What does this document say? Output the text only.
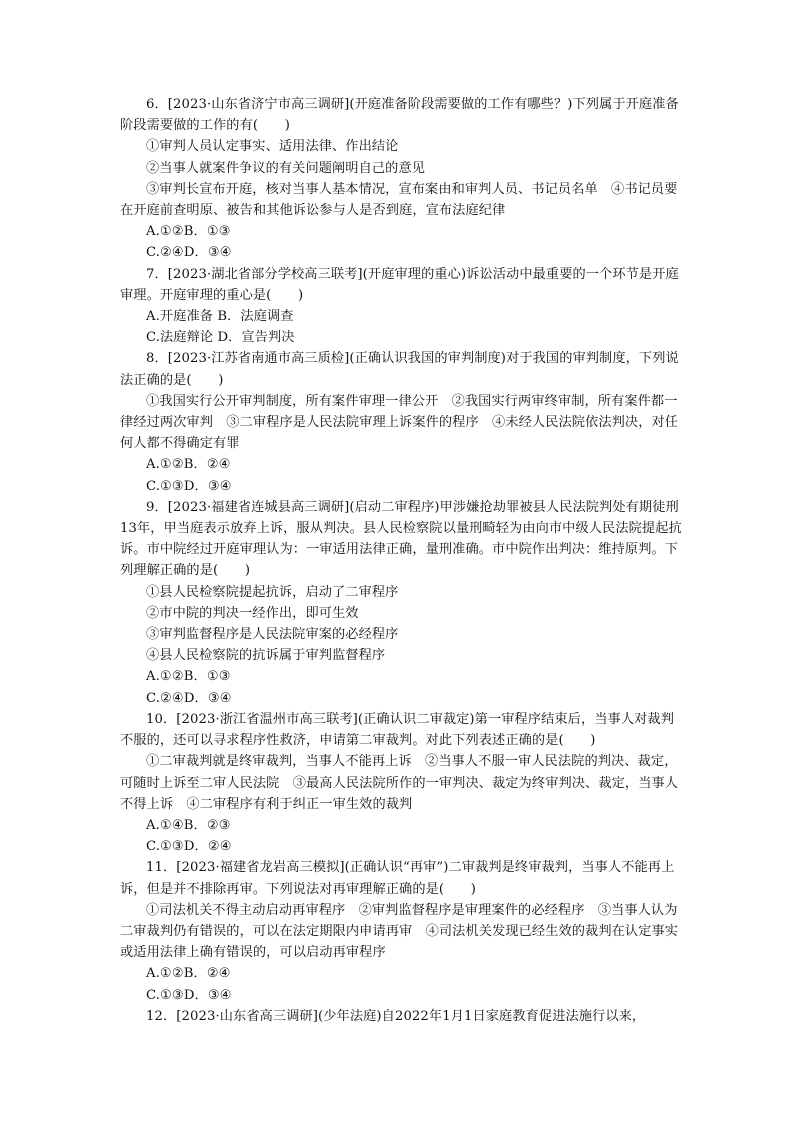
6．[2023·山东省济宁市高三调研](开庭准备阶段需要做的工作有哪些？)下列属于开庭准备阶段需要做的工作的有(　　)

①审判人员认定事实、适用法律、作出结论

②当事人就案件争议的有关问题阐明自己的意见

③审判长宣布开庭，核对当事人基本情况，宣布案由和审判人员、书记员名单　④书记员要在开庭前查明原、被告和其他诉讼参与人是否到庭，宣布法庭纪律

A.①②B．①③

C.②④D．③④

7．[2023·湖北省部分学校高三联考](开庭审理的重心)诉讼活动中最重要的一个环节是开庭审理。开庭审理的重心是(　　)

A.开庭准备 B．法庭调查

C.法庭辩论 D．宣告判决

8．[2023·江苏省南通市高三质检](正确认识我国的审判制度)对于我国的审判制度，下列说法正确的是(　　)

①我国实行公开审判制度，所有案件审理一律公开　②我国实行两审终审制，所有案件都一律经过两次审判　③二审程序是人民法院审理上诉案件的程序　④未经人民法院依法判决，对任何人都不得确定有罪

A.①②B．②④

C.①③D．③④

9．[2023·福建省连城县高三调研](启动二审程序)甲涉嫌抢劫罪被县人民法院判处有期徒刑13年，甲当庭表示放弃上诉，服从判决。县人民检察院以量刑畸轻为由向市中级人民法院提起抗诉。市中院经过开庭审理认为：一审适用法律正确，量刑准确。市中院作出判决：维持原判。下列理解正确的是(　　)

①县人民检察院提起抗诉，启动了二审程序

②市中院的判决一经作出，即可生效

③审判监督程序是人民法院审案的必经程序

④县人民检察院的抗诉属于审判监督程序

A.①②B．①③

C.②④D．③④

10．[2023·浙江省温州市高三联考](正确认识二审裁定)第一审程序结束后，当事人对裁判不服的，还可以寻求程序性救济，申请第二审裁判。对此下列表述正确的是(　　)

①二审裁判就是终审裁判，当事人不能再上诉　②当事人不服一审人民法院的判决、裁定，可随时上诉至二审人民法院　③最高人民法院所作的一审判决、裁定为终审判决、裁定，当事人不得上诉　④二审程序有利于纠正一审生效的裁判

A.①④B．②③

C.①③D．②④

11．[2023·福建省龙岩高三模拟](正确认识“再审”)二审裁判是终审裁判，当事人不能再上诉，但是并不排除再审。下列说法对再审理解正确的是(　　)

①司法机关不得主动启动再审程序　②审判监督程序是审理案件的必经程序　③当事人认为二审裁判仍有错误的，可以在法定期限内申请再审　④司法机关发现已经生效的裁判在认定事实或适用法律上确有错误的，可以启动再审程序

A.①②B．②④

C.①③D．③④

12．[2023·山东省高三调研](少年法庭)自2022年1月1日家庭教育促进法施行以来，
